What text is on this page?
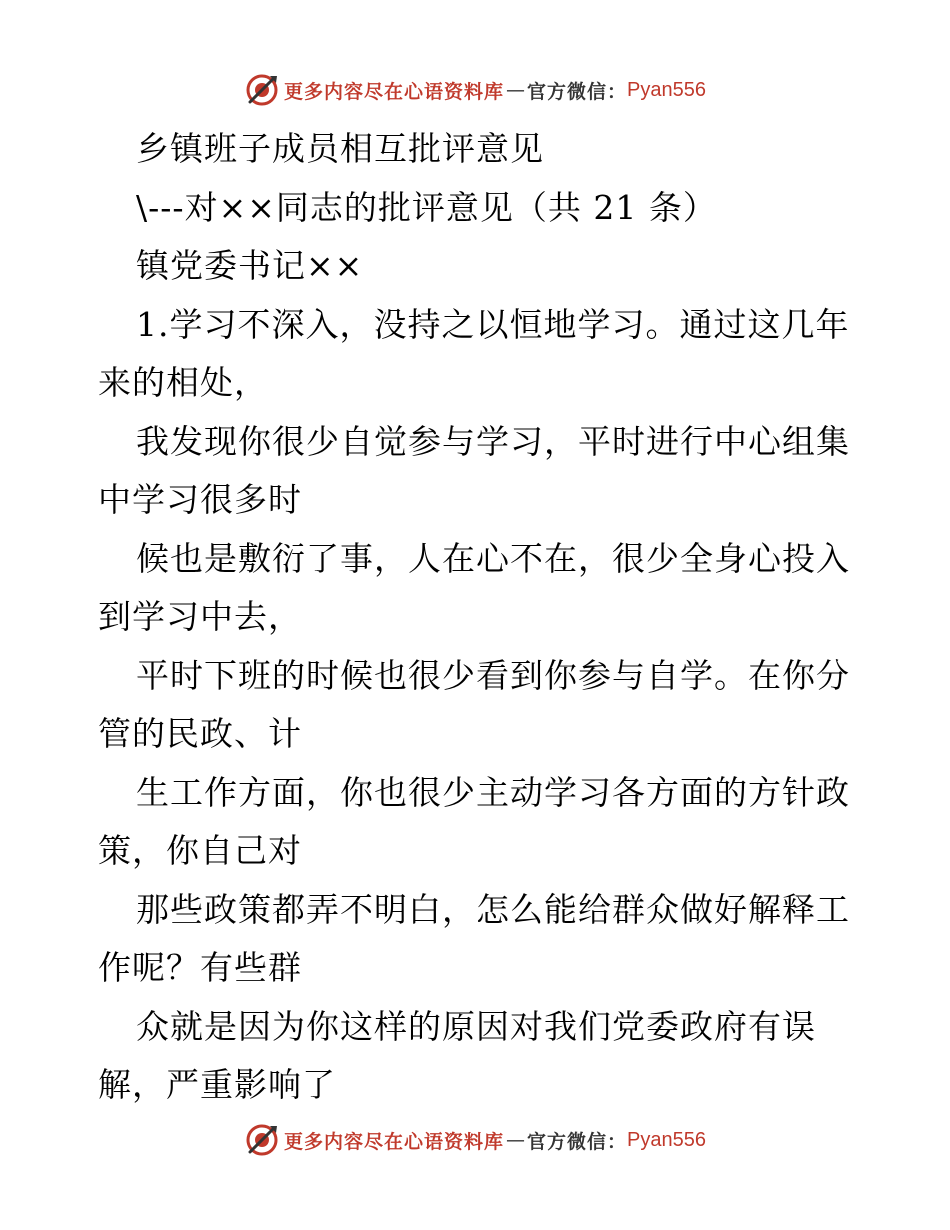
更多内容尽在心语资料库 — 官方微信： Pyan556
乡镇班子成员相互批评意见
\---对××同志的批评意见（共 21 条）
镇党委书记××
1.学习不深入，没持之以恒地学习。通过这几年
来的相处，
我发现你很少自觉参与学习，平时进行中心组集
中学习很多时
候也是敷衍了事，人在心不在，很少全身心投入
到学习中去，
平时下班的时候也很少看到你参与自学。在你分
管的民政、计
生工作方面，你也很少主动学习各方面的方针政
策，你自己对
那些政策都弄不明白，怎么能给群众做好解释工
作呢？有些群
众就是因为你这样的原因对我们党委政府有误
解，严重影响了
更多内容尽在心语资料库 — 官方微信： Pyan556
